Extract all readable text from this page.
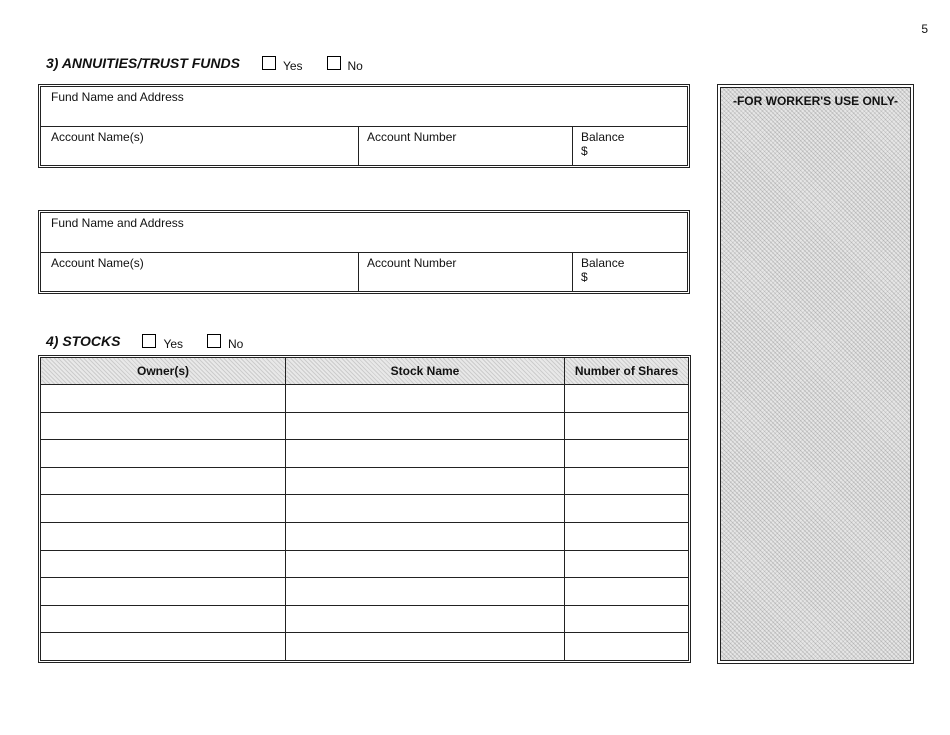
5
3) ANNUITIES/TRUST FUNDS	Yes	No
Fund Name and Address
Account Name(s)	Account Number	Balance
$
Fund Name and Address
Account Name(s)	Account Number	Balance
$
4) STOCKS	Yes	No
Owner(s)	Stock Name	Number of Shares

-FOR WORKER'S USE ONLY-
